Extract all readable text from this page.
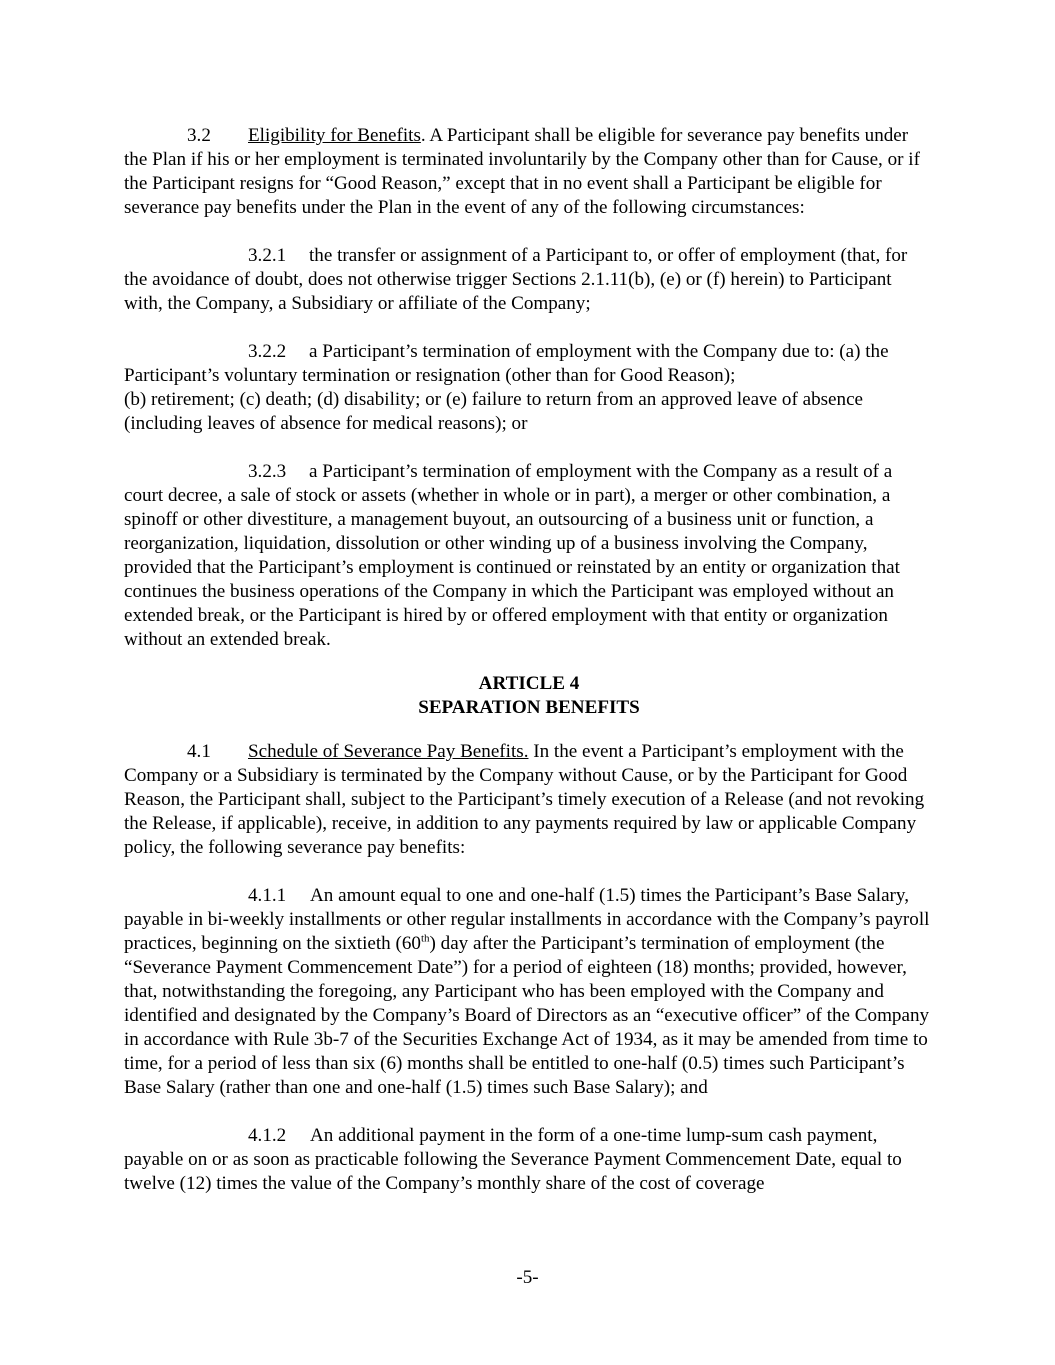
3.2 Eligibility for Benefits. A Participant shall be eligible for severance pay benefits under the Plan if his or her employment is terminated involuntarily by the Company other than for Cause, or if the Participant resigns for “Good Reason,” except that in no event shall a Participant be eligible for severance pay benefits under the Plan in the event of any of the following circumstances:

3.2.1 the transfer or assignment of a Participant to, or offer of employment (that, for the avoidance of doubt, does not otherwise trigger Sections 2.1.11(b), (e) or (f) herein) to Participant with, the Company, a Subsidiary or affiliate of the Company;

3.2.2 a Participant’s termination of employment with the Company due to: (a) the Participant’s voluntary termination or resignation (other than for Good Reason);
(b) retirement; (c) death; (d) disability; or (e) failure to return from an approved leave of absence (including leaves of absence for medical reasons); or

3.2.3 a Participant’s termination of employment with the Company as a result of a court decree, a sale of stock or assets (whether in whole or in part), a merger or other combination, a spinoff or other divestiture, a management buyout, an outsourcing of a business unit or function, a reorganization, liquidation, dissolution or other winding up of a business involving the Company, provided that the Participant’s employment is continued or reinstated by an entity or organization that continues the business operations of the Company in which the Participant was employed without an extended break, or the Participant is hired by or offered employment with that entity or organization without an extended break.

ARTICLE 4
SEPARATION BENEFITS

4.1 Schedule of Severance Pay Benefits. In the event a Participant’s employment with the Company or a Subsidiary is terminated by the Company without Cause, or by the Participant for Good Reason, the Participant shall, subject to the Participant’s timely execution of a Release (and not revoking the Release, if applicable), receive, in addition to any payments required by law or applicable Company policy, the following severance pay benefits:

4.1.1 An amount equal to one and one-half (1.5) times the Participant’s Base Salary, payable in bi-weekly installments or other regular installments in accordance with the Company’s payroll practices, beginning on the sixtieth (60th) day after the Participant’s termination of employment (the “Severance Payment Commencement Date”) for a period of eighteen (18) months; provided, however, that, notwithstanding the foregoing, any Participant who has been employed with the Company and identified and designated by the Company’s Board of Directors as an “executive officer” of the Company in accordance with Rule 3b-7 of the Securities Exchange Act of 1934, as it may be amended from time to time, for a period of less than six (6) months shall be entitled to one-half (0.5) times such Participant’s Base Salary (rather than one and one-half (1.5) times such Base Salary); and

4.1.2 An additional payment in the form of a one-time lump-sum cash payment, payable on or as soon as practicable following the Severance Payment Commencement Date, equal to twelve (12) times the value of the Company’s monthly share of the cost of coverage

-5-
